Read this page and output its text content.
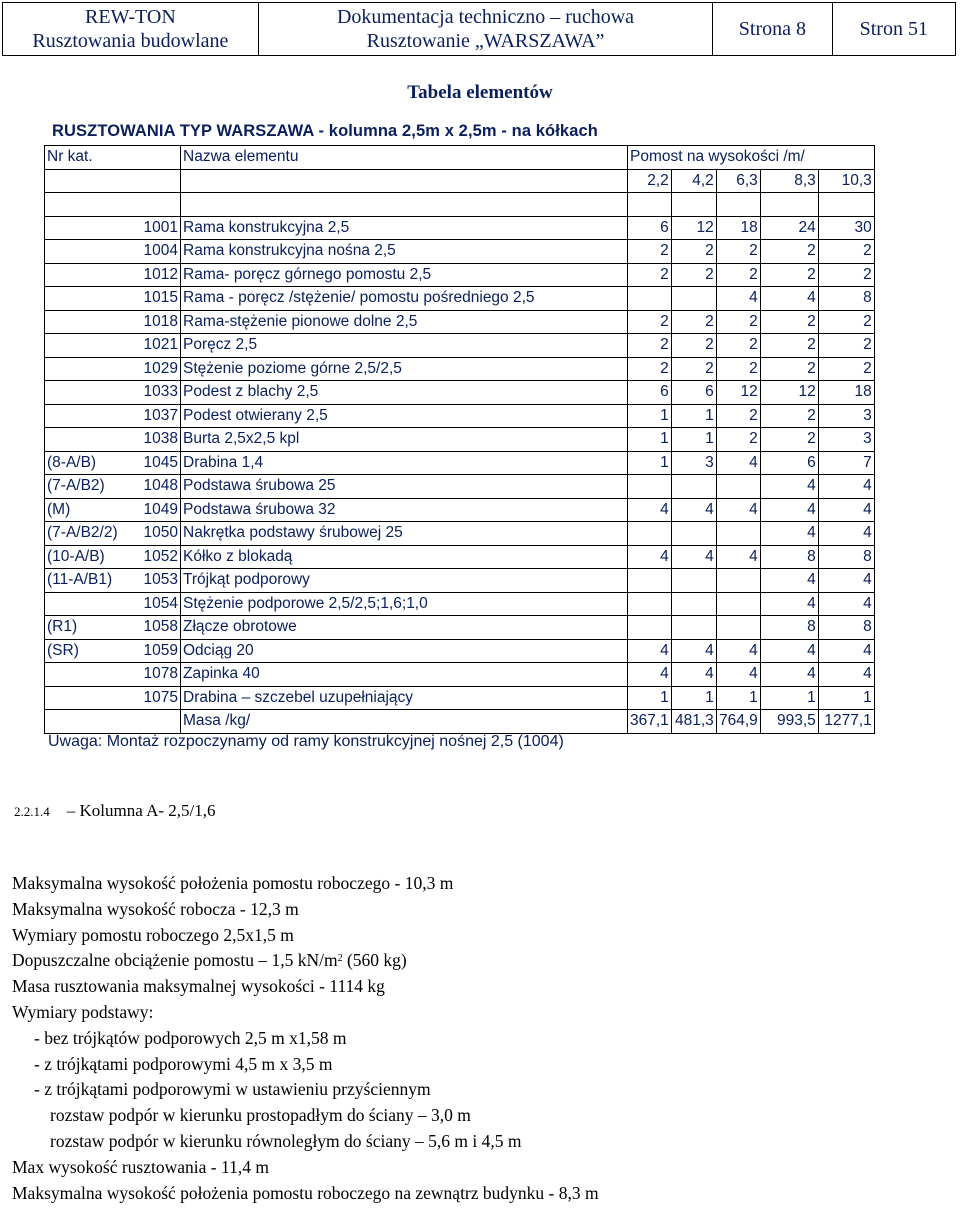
REW-TON
Rusztowania budowlane

Dokumentacja techniczno – ruchowa
Rusztowanie „WARSZAWA”
	Strona 8	Stron 51
Tabela elementów
RUSZTOWANIA TYP WARSZAWA - kolumna 2,5m x 2,5m - na kółkach
Nr kat.		Nazwa elementu	Pomost na wysokości /m/				
			2,2	4,2	6,3	8,3	10,3

	1001	Rama konstrukcyjna 2,5	6	12	18	24	30
	1004	Rama konstrukcyjna nośna 2,5	2	2	2	2	2
	1012	Rama- poręcz górnego pomostu 2,5	2	2	2	2	2
	1015	Rama - poręcz /stężenie/ pomostu pośredniego 2,5			4	4	8
	1018	Rama-stężenie pionowe dolne 2,5	2	2	2	2	2
	1021	Poręcz 2,5	2	2	2	2	2
	1029	Stężenie poziome górne 2,5/2,5	2	2	2	2	2
	1033	Podest z blachy 2,5	6	6	12	12	18
	1037	Podest otwierany 2,5	1	1	2	2	3
	1038	Burta 2,5x2,5 kpl	1	1	2	2	3
(8-A/B)	1045	Drabina 1,4	1	3	4	6	7
(7-A/B2)	1048	Podstawa śrubowa 25				4	4
(M)	1049	Podstawa śrubowa 32	4	4	4	4	4
(7-A/B2/2)	1050	Nakrętka podstawy śrubowej 25				4	4
(10-A/B)	1052	Kółko z blokadą	4	4	4	8	8
(11-A/B1)	1053	Trójkąt podporowy				4	4
	1054	Stężenie podporowe 2,5/2,5;1,6;1,0				4	4
(R1)	1058	Złącze obrotowe				8	8
(SR)	1059	Odciąg 20	4	4	4	4	4
	1078	Zapinka 40	4	4	4	4	4
	1075	Drabina – szczebel uzupełniający	1	1	1	1	1
		Masa /kg/	367,1	481,3	764,9	993,5	1277,1
Uwaga: Montaż rozpoczynamy od ramy konstrukcyjnej nośnej 2,5 (1004)
2.2.1.4 – Kolumna A- 2,5/1,6
Maksymalna wysokość położenia pomostu roboczego - 10,3 m
Maksymalna wysokość robocza - 12,3 m
Wymiary pomostu roboczego 2,5x1,5 m
Dopuszczalne obciążenie pomostu – 1,5 $kN/m^2$ (560 kg)
Masa rusztowania maksymalnej wysokości - 1114 kg
Wymiary podstawy:
- bez trójkątów podporowych 2,5 m x1,58 m
- z trójkątami podporowymi 4,5 m x 3,5 m
- z trójkątami podporowymi w ustawieniu przyściennym
rozstaw podpór w kierunku prostopadłym do ściany – 3,0 m
rozstaw podpór w kierunku równoległym do ściany – 5,6 m i 4,5 m
Max wysokość rusztowania - 11,4 m
Maksymalna wysokość położenia pomostu roboczego na zewnątrz budynku - 8,3 m
